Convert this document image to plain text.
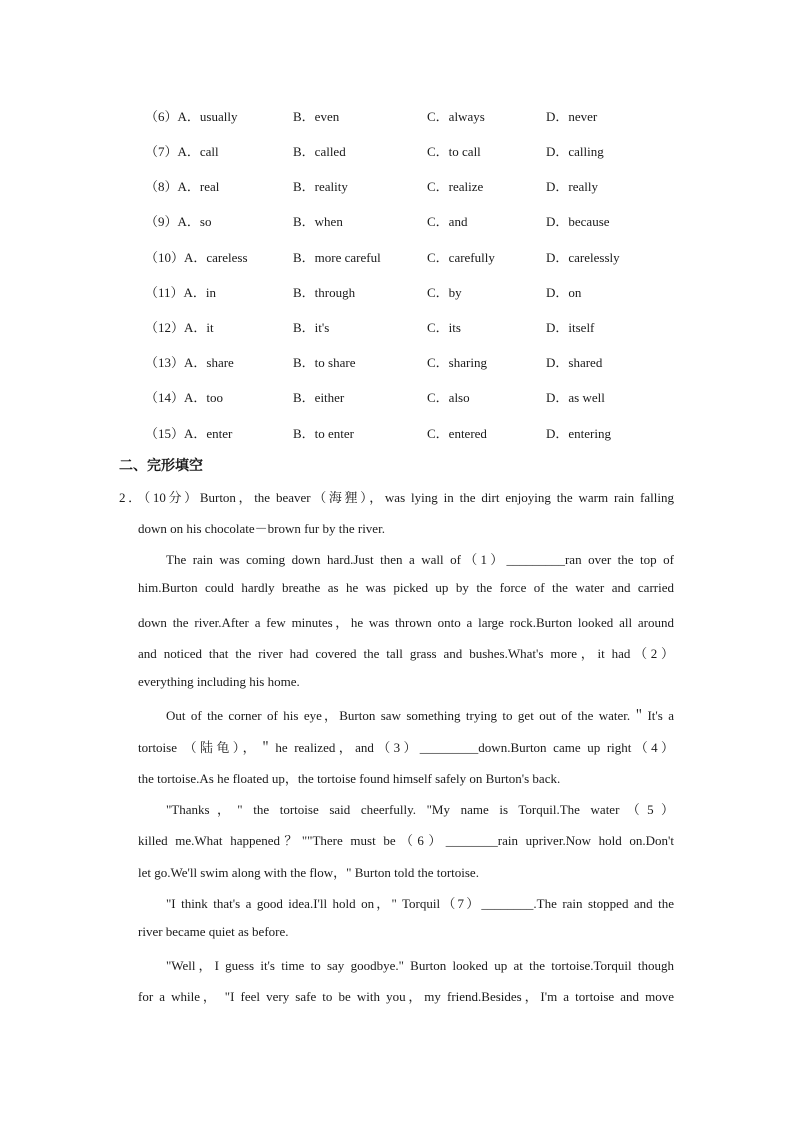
（6）A．usually	B．even	C．always	D．never
（7）A．call	B．called	C．to call	D．calling
（8）A．real	B．reality	C．realize	D．really
（9）A．so	B．when	C．and	D．because
（10）A．careless	B．more careful	C．carefully	D．carelessly
（11）A．in	B．through	C．by	D．on
（12）A．it	B．it's	C．its	D．itself
（13）A．share	B．to share	C．sharing	D．shared
（14）A．too	B．either	C．also	D．as well
（15）A．enter	B．to enter	C．entered	D．entering
二、完形填空
2．（10分）Burton，the beaver（海狸），was lying in the dirt enjoying the warm rain falling
down on his chocolate－brown fur by the river.
The rain was coming down hard.Just then a wall of（1）_________ran over the top of
him.Burton could hardly breathe as he was picked up by the force of the water and carried
down the river.After a few minutes，he was thrown onto a large rock.Burton looked all around
and noticed that the river had covered the tall grass and bushes.What's more，it had（2）
everything including his home.
Out of the corner of his eye，Burton saw something trying to get out of the water.＂It's a
tortoise （陆龟），＂he realized，and（3）_________down.Burton came up right（4）
the tortoise.As he floated up，the tortoise found himself safely on Burton's back.
"Thanks，" the tortoise said cheerfully. "My name is Torquil.The water（5）
killed me.What happened？""There must be（6）________rain upriver.Now hold on.Don't
let go.We'll swim along with the flow，" Burton told the tortoise.
"I think that's a good idea.I'll hold on，" Torquil（7）________.The rain stopped and the
river became quiet as before.
"Well，I guess it's time to say goodbye." Burton looked up at the tortoise.Torquil though
for a while， "I feel very safe to be with you，my friend.Besides，I'm a tortoise and move
